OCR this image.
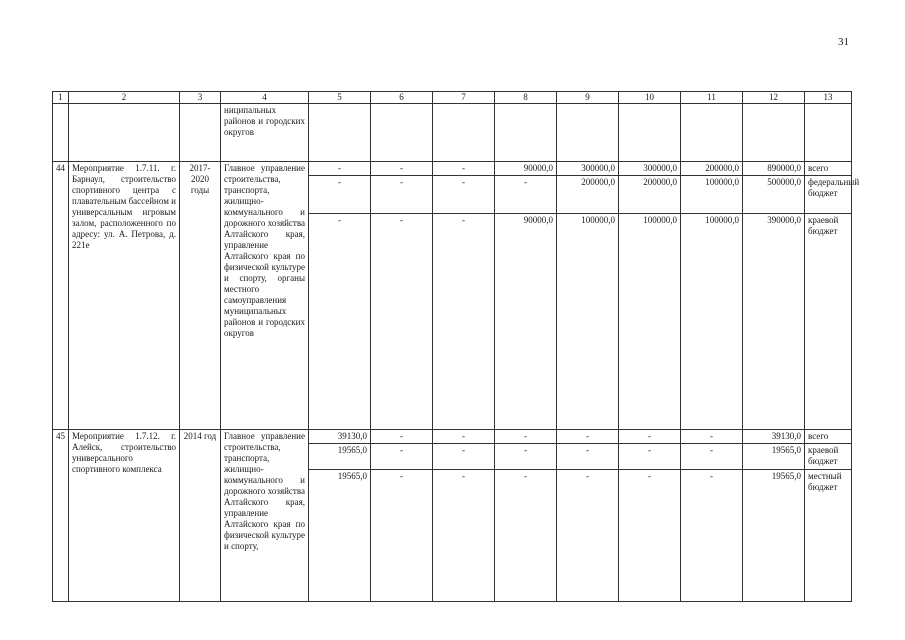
31
1	2	3	4	5	6	7	8	9	10	11	12	13
			ниципальных районов и городских округов									
44	Мероприятие 1.7.11. г. Барнаул, строительство спортивного центра с плавательным бассейном и универсальным игровым залом, расположенного по адресу: ул. А. Петрова, д. 221е	2017-2020 годы	Главное управление строительства, транспорта, жилищно-коммунального и дорожного хозяйства Алтайского края, управление Алтайского края по физической культуре и спорту, органы местного самоуправления муниципальных районов и городских округов	-	-	-	90000,0	300000,0	300000,0	200000,0	890000,0	всего
				-	-	-	-	200000,0	200000,0	100000,0	500000,0	федеральный бюджет
				-	-	-	90000,0	100000,0	100000,0	100000,0	390000,0	краевой бюджет
45	Мероприятие 1.7.12. г. Алейск, строительство универсального спортивного комплекса	2014 год	Главное управление строительства, транспорта, жилищно-коммунального и дорожного хозяйства Алтайского края, управление Алтайского края по физической культуре и спорту,	39130,0	-	-	-	-	-	-	39130,0	всего
				19565,0	-	-	-	-	-	-	19565,0	краевой бюджет
				19565,0	-	-	-	-	-	-	19565,0	местный бюджет
